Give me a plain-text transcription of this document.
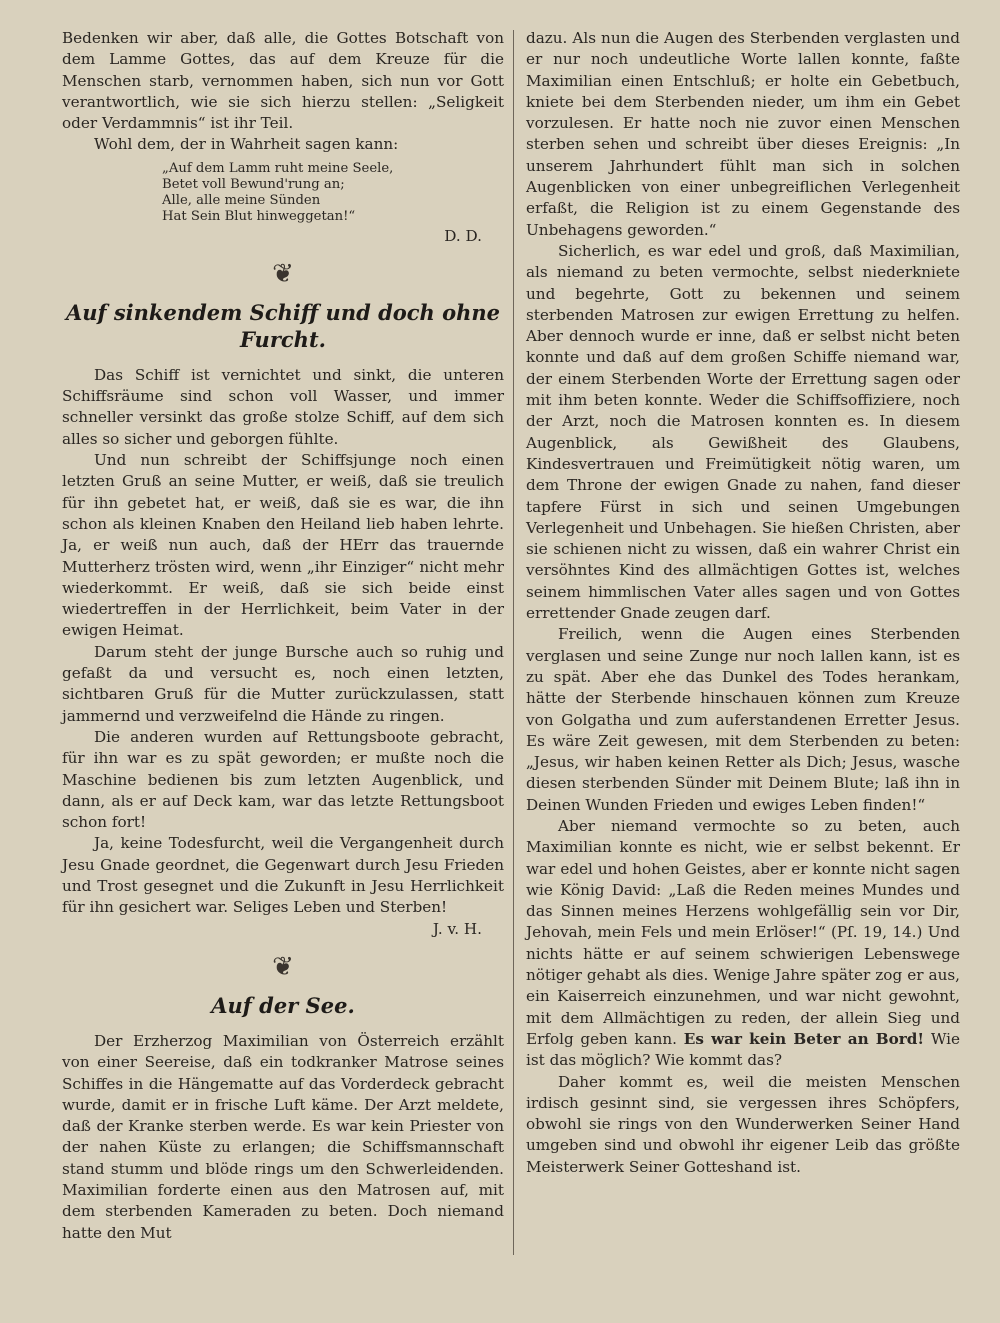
Bedenken wir aber, daß alle, die Gottes Botschaft von dem Lamme Gottes, das auf dem Kreuze für die Menschen starb, vernommen haben, sich nun vor Gott verantwortlich, wie sie sich hierzu stellen: „Seligkeit oder Verdammnis“ ist ihr Teil.

Wohl dem, der in Wahrheit sagen kann:

„Auf dem Lamm ruht meine Seele,
Betet voll Bewund'rung an;
Alle, alle meine Sünden
Hat Sein Blut hinweggetan!“

D. D.

❦
Auf sinkendem Schiff und doch ohne Furcht.

Das Schiff ist vernichtet und sinkt, die unteren Schiffsräume sind schon voll Wasser, und immer schneller versinkt das große stolze Schiff, auf dem sich alles so sicher und geborgen fühlte.

Und nun schreibt der Schiffsjunge noch einen letzten Gruß an seine Mutter, er weiß, daß sie treulich für ihn gebetet hat, er weiß, daß sie es war, die ihn schon als kleinen Knaben den Heiland lieb haben lehrte. Ja, er weiß nun auch, daß der HErr das trauernde Mutterherz trösten wird, wenn „ihr Einziger“ nicht mehr wiederkommt. Er weiß, daß sie sich beide einst wiedertreffen in der Herrlichkeit, beim Vater in der ewigen Heimat.

Darum steht der junge Bursche auch so ruhig und gefaßt da und versucht es, noch einen letzten, sichtbaren Gruß für die Mutter zurückzulassen, statt jammernd und verzweifelnd die Hände zu ringen.

Die anderen wurden auf Rettungsboote gebracht, für ihn war es zu spät geworden; er mußte noch die Maschine bedienen bis zum letzten Augenblick, und dann, als er auf Deck kam, war das letzte Rettungsboot schon fort!

Ja, keine Todesfurcht, weil die Vergangenheit durch Jesu Gnade geordnet, die Gegenwart durch Jesu Frieden und Trost gesegnet und die Zukunft in Jesu Herrlichkeit für ihn gesichert war. Seliges Leben und Sterben!

J. v. H.

❦
Auf der See.

Der Erzherzog Maximilian von Österreich erzählt von einer Seereise, daß ein todkranker Matrose seines Schiffes in die Hängematte auf das Vorderdeck gebracht wurde, damit er in frische Luft käme. Der Arzt meldete, daß der Kranke sterben werde. Es war kein Priester von der nahen Küste zu erlangen; die Schiffsmannschaft stand stumm und blöde rings um den Schwerleidenden. Maximilian forderte einen aus den Matrosen auf, mit dem sterbenden Kameraden zu beten. Doch niemand hatte den Mut

dazu. Als nun die Augen des Sterbenden verglasten und er nur noch undeutliche Worte lallen konnte, faßte Maximilian einen Entschluß; er holte ein Gebetbuch, kniete bei dem Sterbenden nieder, um ihm ein Gebet vorzulesen. Er hatte noch nie zuvor einen Menschen sterben sehen und schreibt über dieses Ereignis: „In unserem Jahrhundert fühlt man sich in solchen Augenblicken von einer unbegreiflichen Verlegenheit erfaßt, die Religion ist zu einem Gegenstande des Unbehagens geworden.“

Sicherlich, es war edel und groß, daß Maximilian, als niemand zu beten vermochte, selbst niederkniete und begehrte, Gott zu bekennen und seinem sterbenden Matrosen zur ewigen Errettung zu helfen. Aber dennoch wurde er inne, daß er selbst nicht beten konnte und daß auf dem großen Schiffe niemand war, der einem Sterbenden Worte der Errettung sagen oder mit ihm beten konnte. Weder die Schiffsoffiziere, noch der Arzt, noch die Matrosen konnten es. In diesem Augenblick, als Gewißheit des Glaubens, Kindesvertrauen und Freimütigkeit nötig waren, um dem Throne der ewigen Gnade zu nahen, fand dieser tapfere Fürst in sich und seinen Umgebungen Verlegenheit und Unbehagen. Sie hießen Christen, aber sie schienen nicht zu wissen, daß ein wahrer Christ ein versöhntes Kind des allmächtigen Gottes ist, welches seinem himmlischen Vater alles sagen und von Gottes errettender Gnade zeugen darf.

Freilich, wenn die Augen eines Sterbenden verglasen und seine Zunge nur noch lallen kann, ist es zu spät. Aber ehe das Dunkel des Todes herankam, hätte der Sterbende hinschauen können zum Kreuze von Golgatha und zum auferstandenen Erretter Jesus. Es wäre Zeit gewesen, mit dem Sterbenden zu beten: „Jesus, wir haben keinen Retter als Dich; Jesus, wasche diesen sterbenden Sünder mit Deinem Blute; laß ihn in Deinen Wunden Frieden und ewiges Leben finden!“

Aber niemand vermochte so zu beten, auch Maximilian konnte es nicht, wie er selbst bekennt. Er war edel und hohen Geistes, aber er konnte nicht sagen wie König David: „Laß die Reden meines Mundes und das Sinnen meines Herzens wohlgefällig sein vor Dir, Jehovah, mein Fels und mein Erlöser!“ (Pſ. 19, 14.) Und nichts hätte er auf seinem schwierigen Lebenswege nötiger gehabt als dies. Wenige Jahre später zog er aus, ein Kaiserreich einzunehmen, und war nicht gewohnt, mit dem Allmächtigen zu reden, der allein Sieg und Erfolg geben kann. Es war kein Beter an Bord! Wie ist das möglich? Wie kommt das?

Daher kommt es, weil die meisten Menschen irdisch gesinnt sind, sie vergessen ihres Schöpfers, obwohl sie rings von den Wunderwerken Seiner Hand umgeben sind und obwohl ihr eigener Leib das größte Meisterwerk Seiner Gotteshand ist.
